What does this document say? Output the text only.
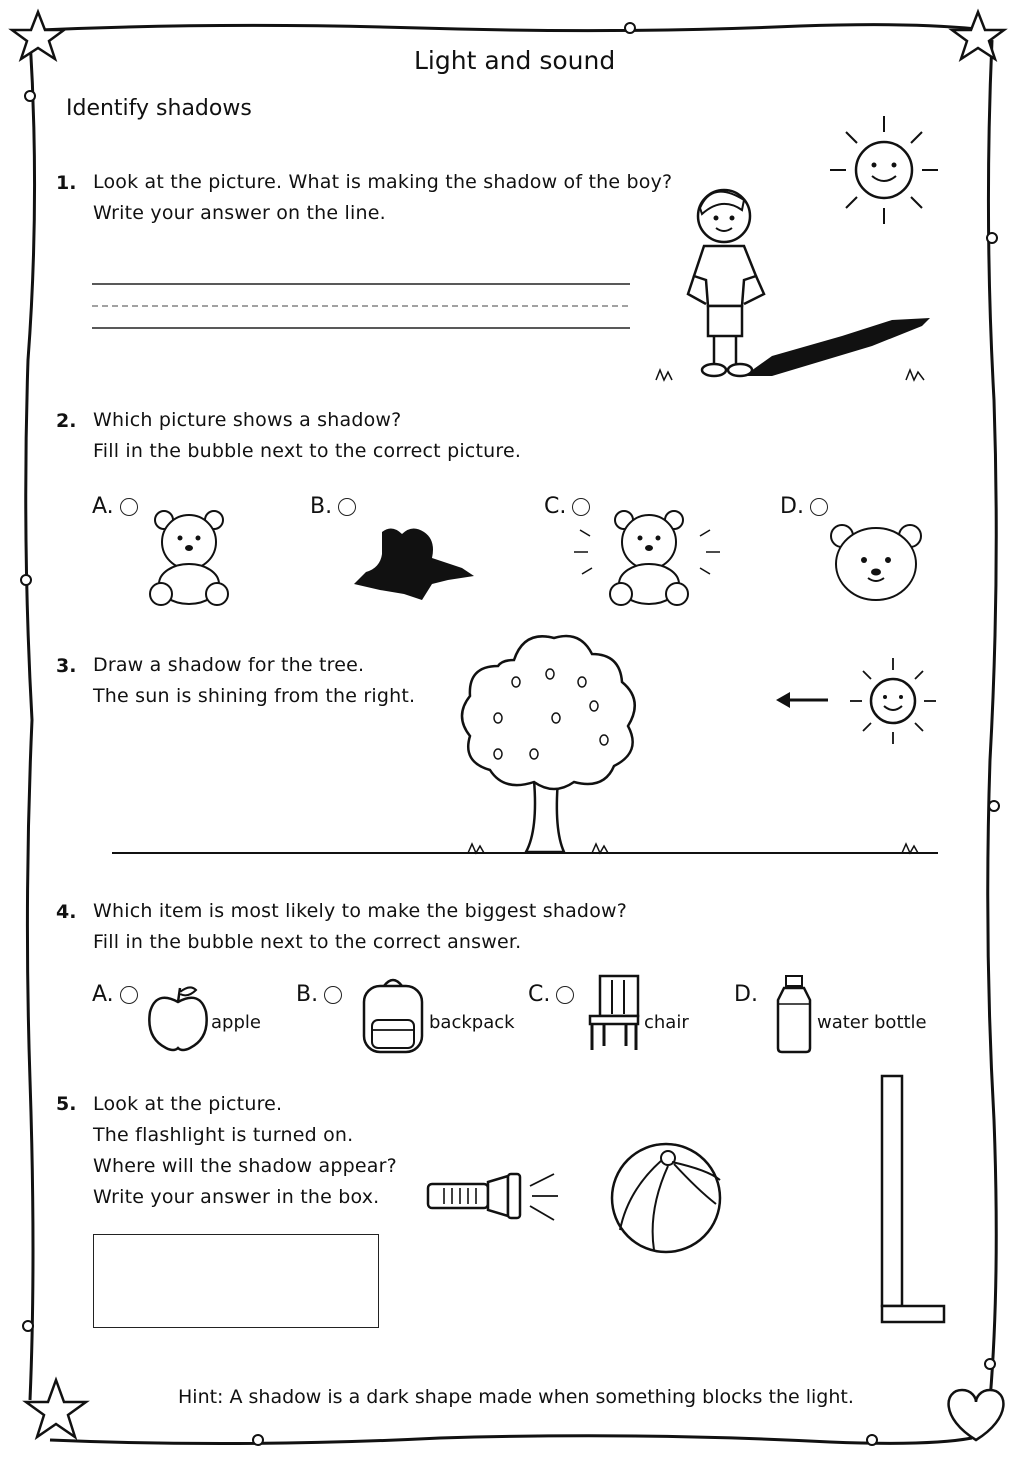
Light and sound
Identify shadows
1. Look at the picture. What is making the shadow of the boy?
Write your answer on the line.
2. Which picture shows a shadow?
Fill in the bubble next to the correct picture.
A.	B.	C.	D.
3. Draw a shadow for the tree.
The sun is shining from the right.
4. Which item is most likely to make the biggest shadow?
Fill in the bubble next to the correct answer.
A.
apple
B.
backpack
C.
chair
D.
water bottle
5. Look at the picture.
The flashlight is turned on.
Where will the shadow appear?
Write your answer in the box.
Hint: A shadow is a dark shape made when something blocks the light.
